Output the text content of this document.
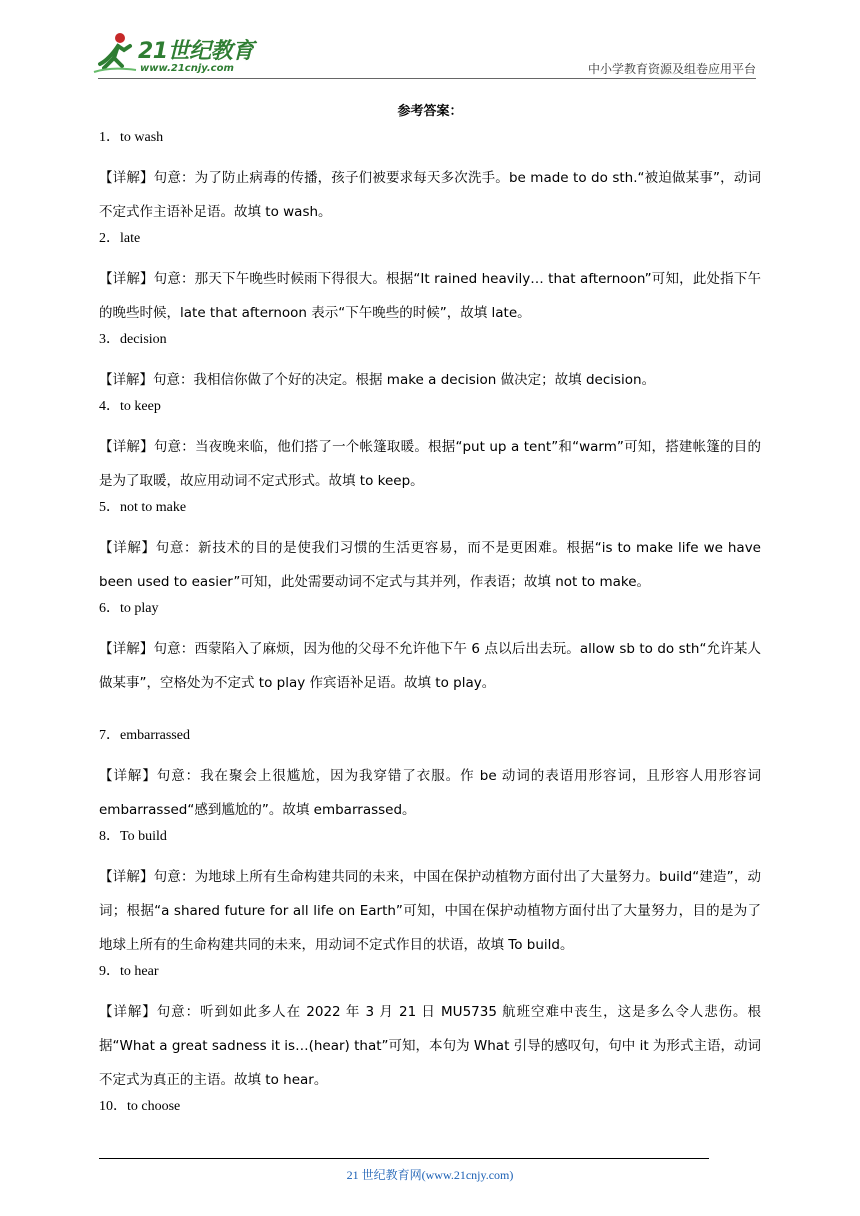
21世纪教育
www.21cnjy.com	中小学教育资源及组卷应用平台
参考答案：
1．to wash
【详解】句意：为了防止病毒的传播，孩子们被要求每天多次洗手。be made to do sth.“被迫做某事”，动词不定式作主语补足语。故填 to wash。
2．late
【详解】句意：那天下午晚些时候雨下得很大。根据“It rained heavily… that afternoon”可知，此处指下午的晚些时候，late that afternoon 表示“下午晚些的时候”，故填 late。
3．decision
【详解】句意：我相信你做了个好的决定。根据 make a decision 做决定；故填 decision。
4．to keep
【详解】句意：当夜晚来临，他们搭了一个帐篷取暖。根据“put up a tent”和“warm”可知，搭建帐篷的目的是为了取暖，故应用动词不定式形式。故填 to keep。
5．not to make
【详解】句意：新技术的目的是使我们习惯的生活更容易，而不是更困难。根据“is to make life we have been used to easier”可知，此处需要动词不定式与其并列，作表语；故填 not to make。
6．to play
【详解】句意：西蒙陷入了麻烦，因为他的父母不允许他下午 6 点以后出去玩。allow sb to do sth“允许某人做某事”，空格处为不定式 to play 作宾语补足语。故填 to play。
7．embarrassed
【详解】句意：我在聚会上很尴尬，因为我穿错了衣服。作 be 动词的表语用形容词，且形容人用形容词 embarrassed“感到尴尬的”。故填 embarrassed。
8．To build
【详解】句意：为地球上所有生命构建共同的未来，中国在保护动植物方面付出了大量努力。build“建造”，动词；根据“a shared future for all life on Earth”可知，中国在保护动植物方面付出了大量努力，目的是为了地球上所有的生命构建共同的未来，用动词不定式作目的状语，故填 To build。
9．to hear
【详解】句意：听到如此多人在 2022 年 3 月 21 日 MU5735 航班空难中丧生，这是多么令人悲伤。根据“What a great sadness it is…(hear) that”可知，本句为 What 引导的感叹句，句中 it 为形式主语，动词不定式为真正的主语。故填 to hear。
10．to choose
21 世纪教育网(www.21cnjy.com)
